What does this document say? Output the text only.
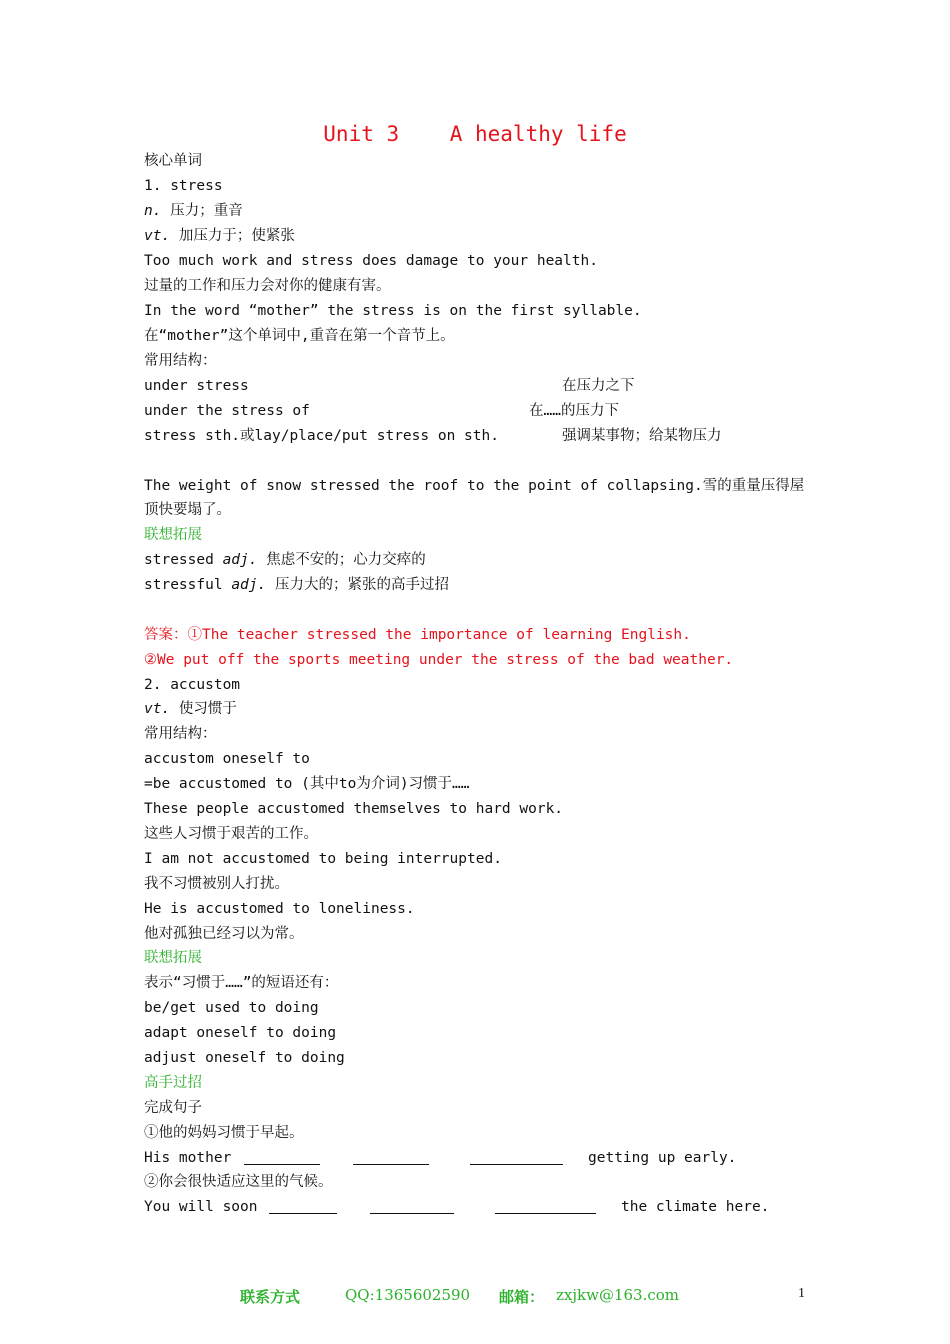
Unit 3    A healthy life
核心单词
1. stress
n. 压力；重音
vt. 加压力于；使紧张
Too much work and stress does damage to your health.
过量的工作和压力会对你的健康有害。
In the word “mother” the stress is on the first syllable.
在“mother”这个单词中,重音在第一个音节上。
常用结构：
under stress	在压力之下
under the stress of	在……的压力下
stress sth.或lay/place/put stress on sth.	强调某事物；给某物压力
The weight of snow stressed the roof to the point of collapsing.雪的重量压得屋
顶快要塌了。
联想拓展
stressed adj. 焦虑不安的；心力交瘁的
stressful adj. 压力大的；紧张的高手过招
答案：①The teacher stressed the importance of learning English.
②We put off the sports meeting under the stress of the bad weather.
2. accustom
vt. 使习惯于
常用结构：
accustom oneself to
=be accustomed to (其中to为介词)习惯于……
These people accustomed themselves to hard work.
这些人习惯于艰苦的工作。
I am not accustomed to being interrupted.
我不习惯被别人打扰。
He is accustomed to loneliness.
他对孤独已经习以为常。
联想拓展
表示“习惯于……”的短语还有：
be/get used to doing
adapt oneself to doing
adjust oneself to doing
高手过招
完成句子
①他的妈妈习惯于早起。
His mother	getting up early.
②你会很快适应这里的气候。
You will soon	the climate here.
联系方式	QQ:1365602590 邮箱： zxjkw@163.com	1
